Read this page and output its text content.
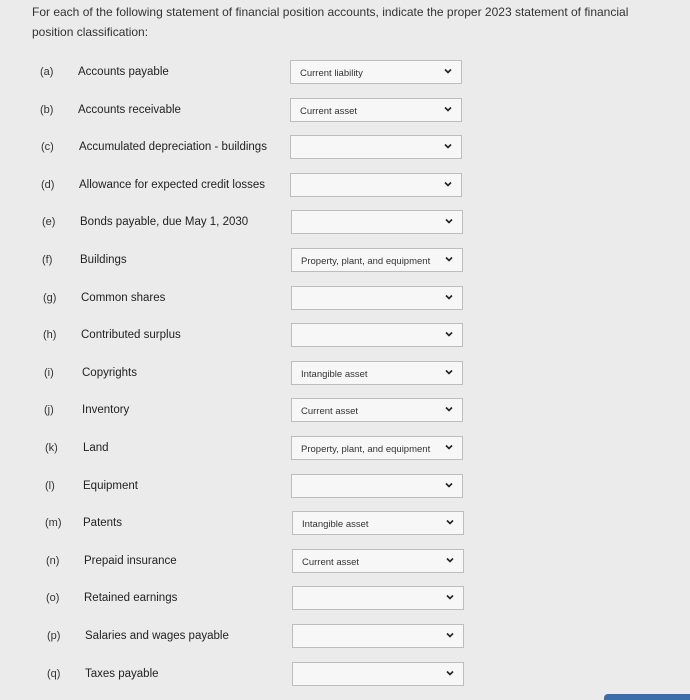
For each of the following statement of financial position accounts, indicate the proper 2023 statement of financial position classification:
(a) Accounts payable	Current liability
(b) Accounts receivable	Current asset
(c) Accumulated depreciation - buildings
(d) Allowance for expected credit losses
(e) Bonds payable, due May 1, 2030
(f) Buildings	Property, plant, and equipment
(g) Common shares
(h) Contributed surplus
(i) Copyrights	Intangible asset
(j) Inventory	Current asset
(k) Land	Property, plant, and equipment
(l) Equipment
(m) Patents	Intangible asset
(n) Prepaid insurance	Current asset
(o) Retained earnings
(p) Salaries and wages payable
(q) Taxes payable
